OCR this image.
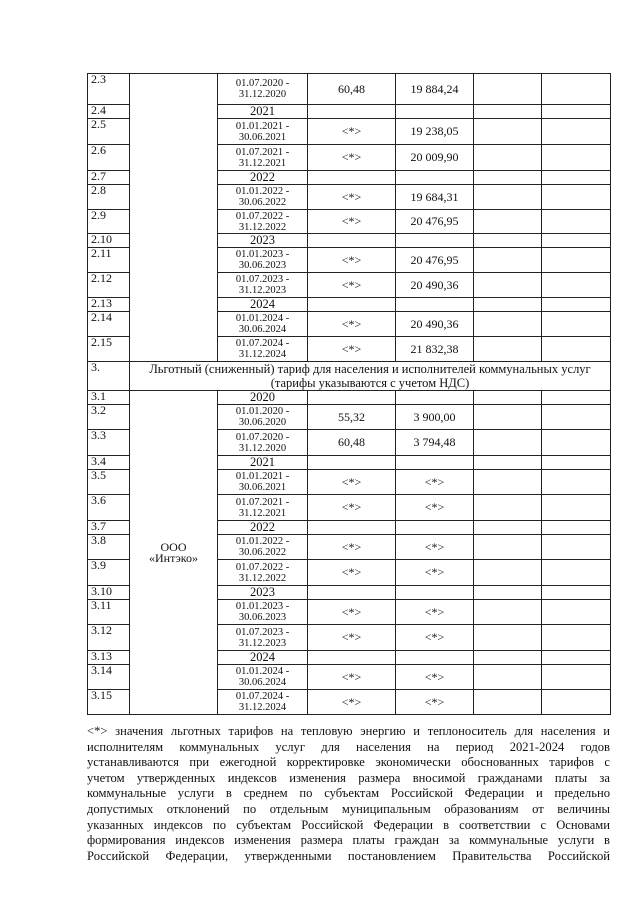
2.3		01.07.2020 -
31.12.2020	60,48	19 884,24		
2.4		2021				
2.5		01.01.2021 -
30.06.2021	<*>	19 238,05		
2.6		01.07.2021 -
31.12.2021	<*>	20 009,90		
2.7		2022				
2.8		01.01.2022 -
30.06.2022	<*>	19 684,31		
2.9		01.07.2022 -
31.12.2022	<*>	20 476,95		
2.10		2023				
2.11		01.01.2023 -
30.06.2023	<*>	20 476,95		
2.12		01.07.2023 -
31.12.2023	<*>	20 490,36		
2.13		2024				
2.14		01.01.2024 -
30.06.2024	<*>	20 490,36		
2.15		01.07.2024 -
31.12.2024	<*>	21 832,38		
3.	Льготный (сниженный) тариф для населения и исполнителей коммунальных услуг
(тарифы указываются с учетом НДС)					
3.1	ООО
«Интэко»	2020				
3.2		01.01.2020 -
30.06.2020	55,32	3 900,00		
3.3		01.07.2020 -
31.12.2020	60,48	3 794,48		
3.4		2021				
3.5		01.01.2021 -
30.06.2021	<*>	<*>		
3.6		01.07.2021 -
31.12.2021	<*>	<*>		
3.7		2022				
3.8		01.01.2022 -
30.06.2022	<*>	<*>		
3.9		01.07.2022 -
31.12.2022	<*>	<*>		
3.10		2023				
3.11		01.01.2023 -
30.06.2023	<*>	<*>		
3.12		01.07.2023 -
31.12.2023	<*>	<*>		
3.13		2024				
3.14		01.01.2024 -
30.06.2024	<*>	<*>		
3.15		01.07.2024 -
31.12.2024	<*>	<*>		
<*> значения льготных тарифов на тепловую энергию и теплоноситель для населения и
исполнителям коммунальных услуг для населения на период 2021-2024 годов
устанавливаются при ежегодной корректировке экономически обоснованных тарифов с
учетом утвержденных индексов изменения размера вносимой гражданами платы за
коммунальные услуги в среднем по субъектам Российской Федерации и предельно
допустимых отклонений по отдельным муниципальным образованиям от величины
указанных индексов по субъектам Российской Федерации в соответствии с Основами
формирования индексов изменения размера платы граждан за коммунальные услуги в
Российской Федерации, утвержденными постановлением Правительства Российской
